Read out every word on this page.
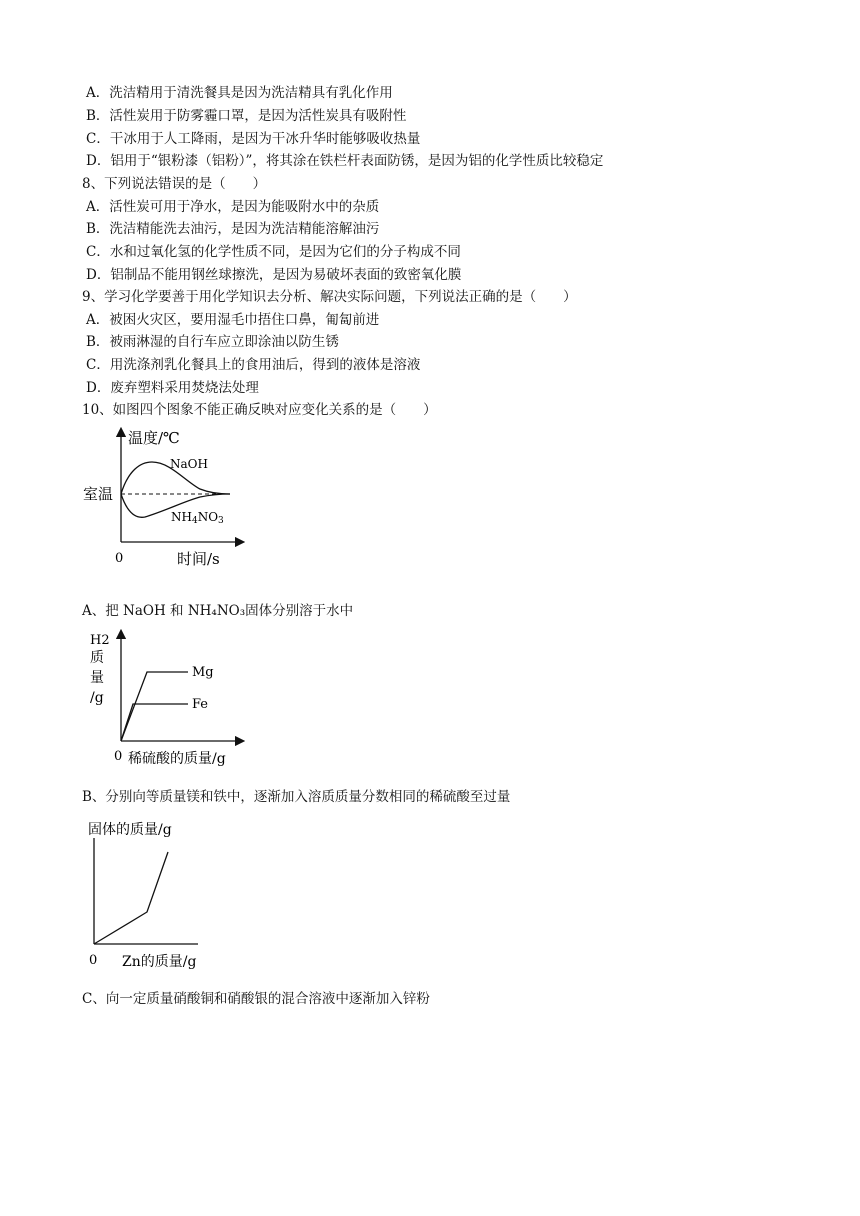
A．洗洁精用于清洗餐具是因为洗洁精具有乳化作用
B．活性炭用于防雾霾口罩，是因为活性炭具有吸附性
C．干冰用于人工降雨，是因为干冰升华时能够吸收热量
D．铝用于“银粉漆（铝粉）”，将其涂在铁栏杆表面防锈，是因为铝的化学性质比较稳定
8、下列说法错误的是（　　）
A．活性炭可用于净水，是因为能吸附水中的杂质
B．洗洁精能洗去油污，是因为洗洁精能溶解油污
C．水和过氧化氢的化学性质不同，是因为它们的分子构成不同
D．铝制品不能用钢丝球擦洗，是因为易破坏表面的致密氧化膜
9、学习化学要善于用化学知识去分析、解决实际问题，下列说法正确的是（　　）
A．被困火灾区，要用湿毛巾捂住口鼻，匍匐前进
B．被雨淋湿的自行车应立即涂油以防生锈
C．用洗涤剂乳化餐具上的食用油后，得到的液体是溶液
D．废弃塑料采用焚烧法处理
10、如图四个图象不能正确反映对应变化关系的是（　　）
温度/℃
室温
NaOH
NH4NO3
0	时间/s
A、把 NaOH 和 NH₄NO₃固体分别溶于水中
H2
质
量
/g
Mg
Fe
0 稀硫酸的质量/g
B、分别向等质量镁和铁中，逐渐加入溶质质量分数相同的稀硫酸至过量
固体的质量/g
0 Zn的质量/g
C、向一定质量硝酸铜和硝酸银的混合溶液中逐渐加入锌粉
